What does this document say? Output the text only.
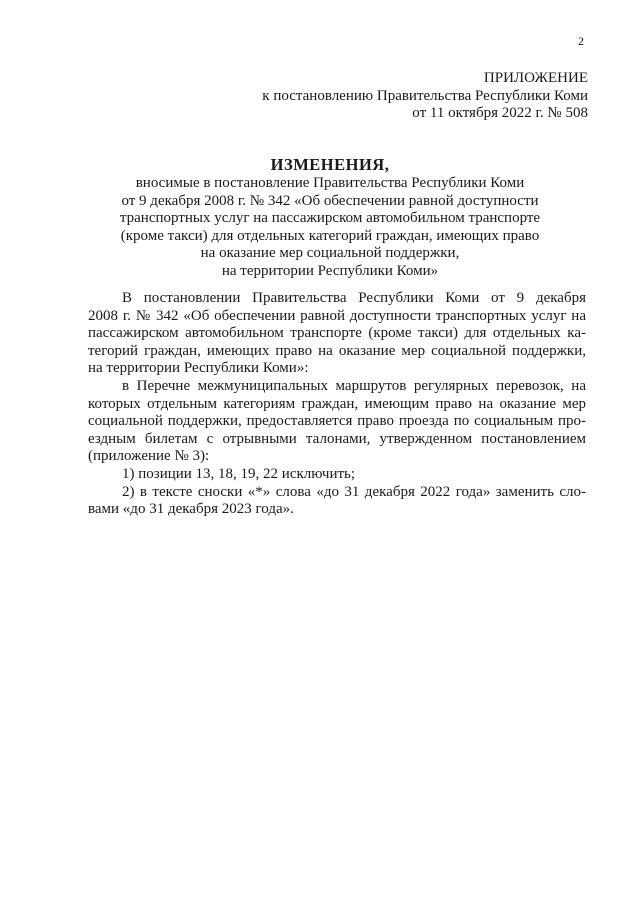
2
ПРИЛОЖЕНИЕ
к постановлению Правительства Республики Коми
от 11 октября 2022 г. № 508
ИЗМЕНЕНИЯ,
вносимые в постановление Правительства Республики Коми
от 9 декабря 2008 г. № 342 «Об обеспечении равной доступности
транспортных услуг на пассажирском автомобильном транспорте
(кроме такси) для отдельных категорий граждан, имеющих право
на оказание мер социальной поддержки,
на территории Республики Коми»
В постановлении Правительства Республики Коми от 9 декабря
2008 г. № 342 «Об обеспечении равной доступности транспортных услуг на
пассажирском автомобильном транспорте (кроме такси) для отдельных ка-
тегорий граждан, имеющих право на оказание мер социальной поддержки,
на территории Республики Коми»:
в Перечне межмуниципальных маршрутов регулярных перевозок, на
которых отдельным категориям граждан, имеющим право на оказание мер
социальной поддержки, предоставляется право проезда по социальным про-
ездным билетам с отрывными талонами, утвержденном постановлением
(приложение № 3):
1) позиции 13, 18, 19, 22 исключить;
2) в тексте сноски «*» слова «до 31 декабря 2022 года» заменить сло-
вами «до 31 декабря 2023 года».
